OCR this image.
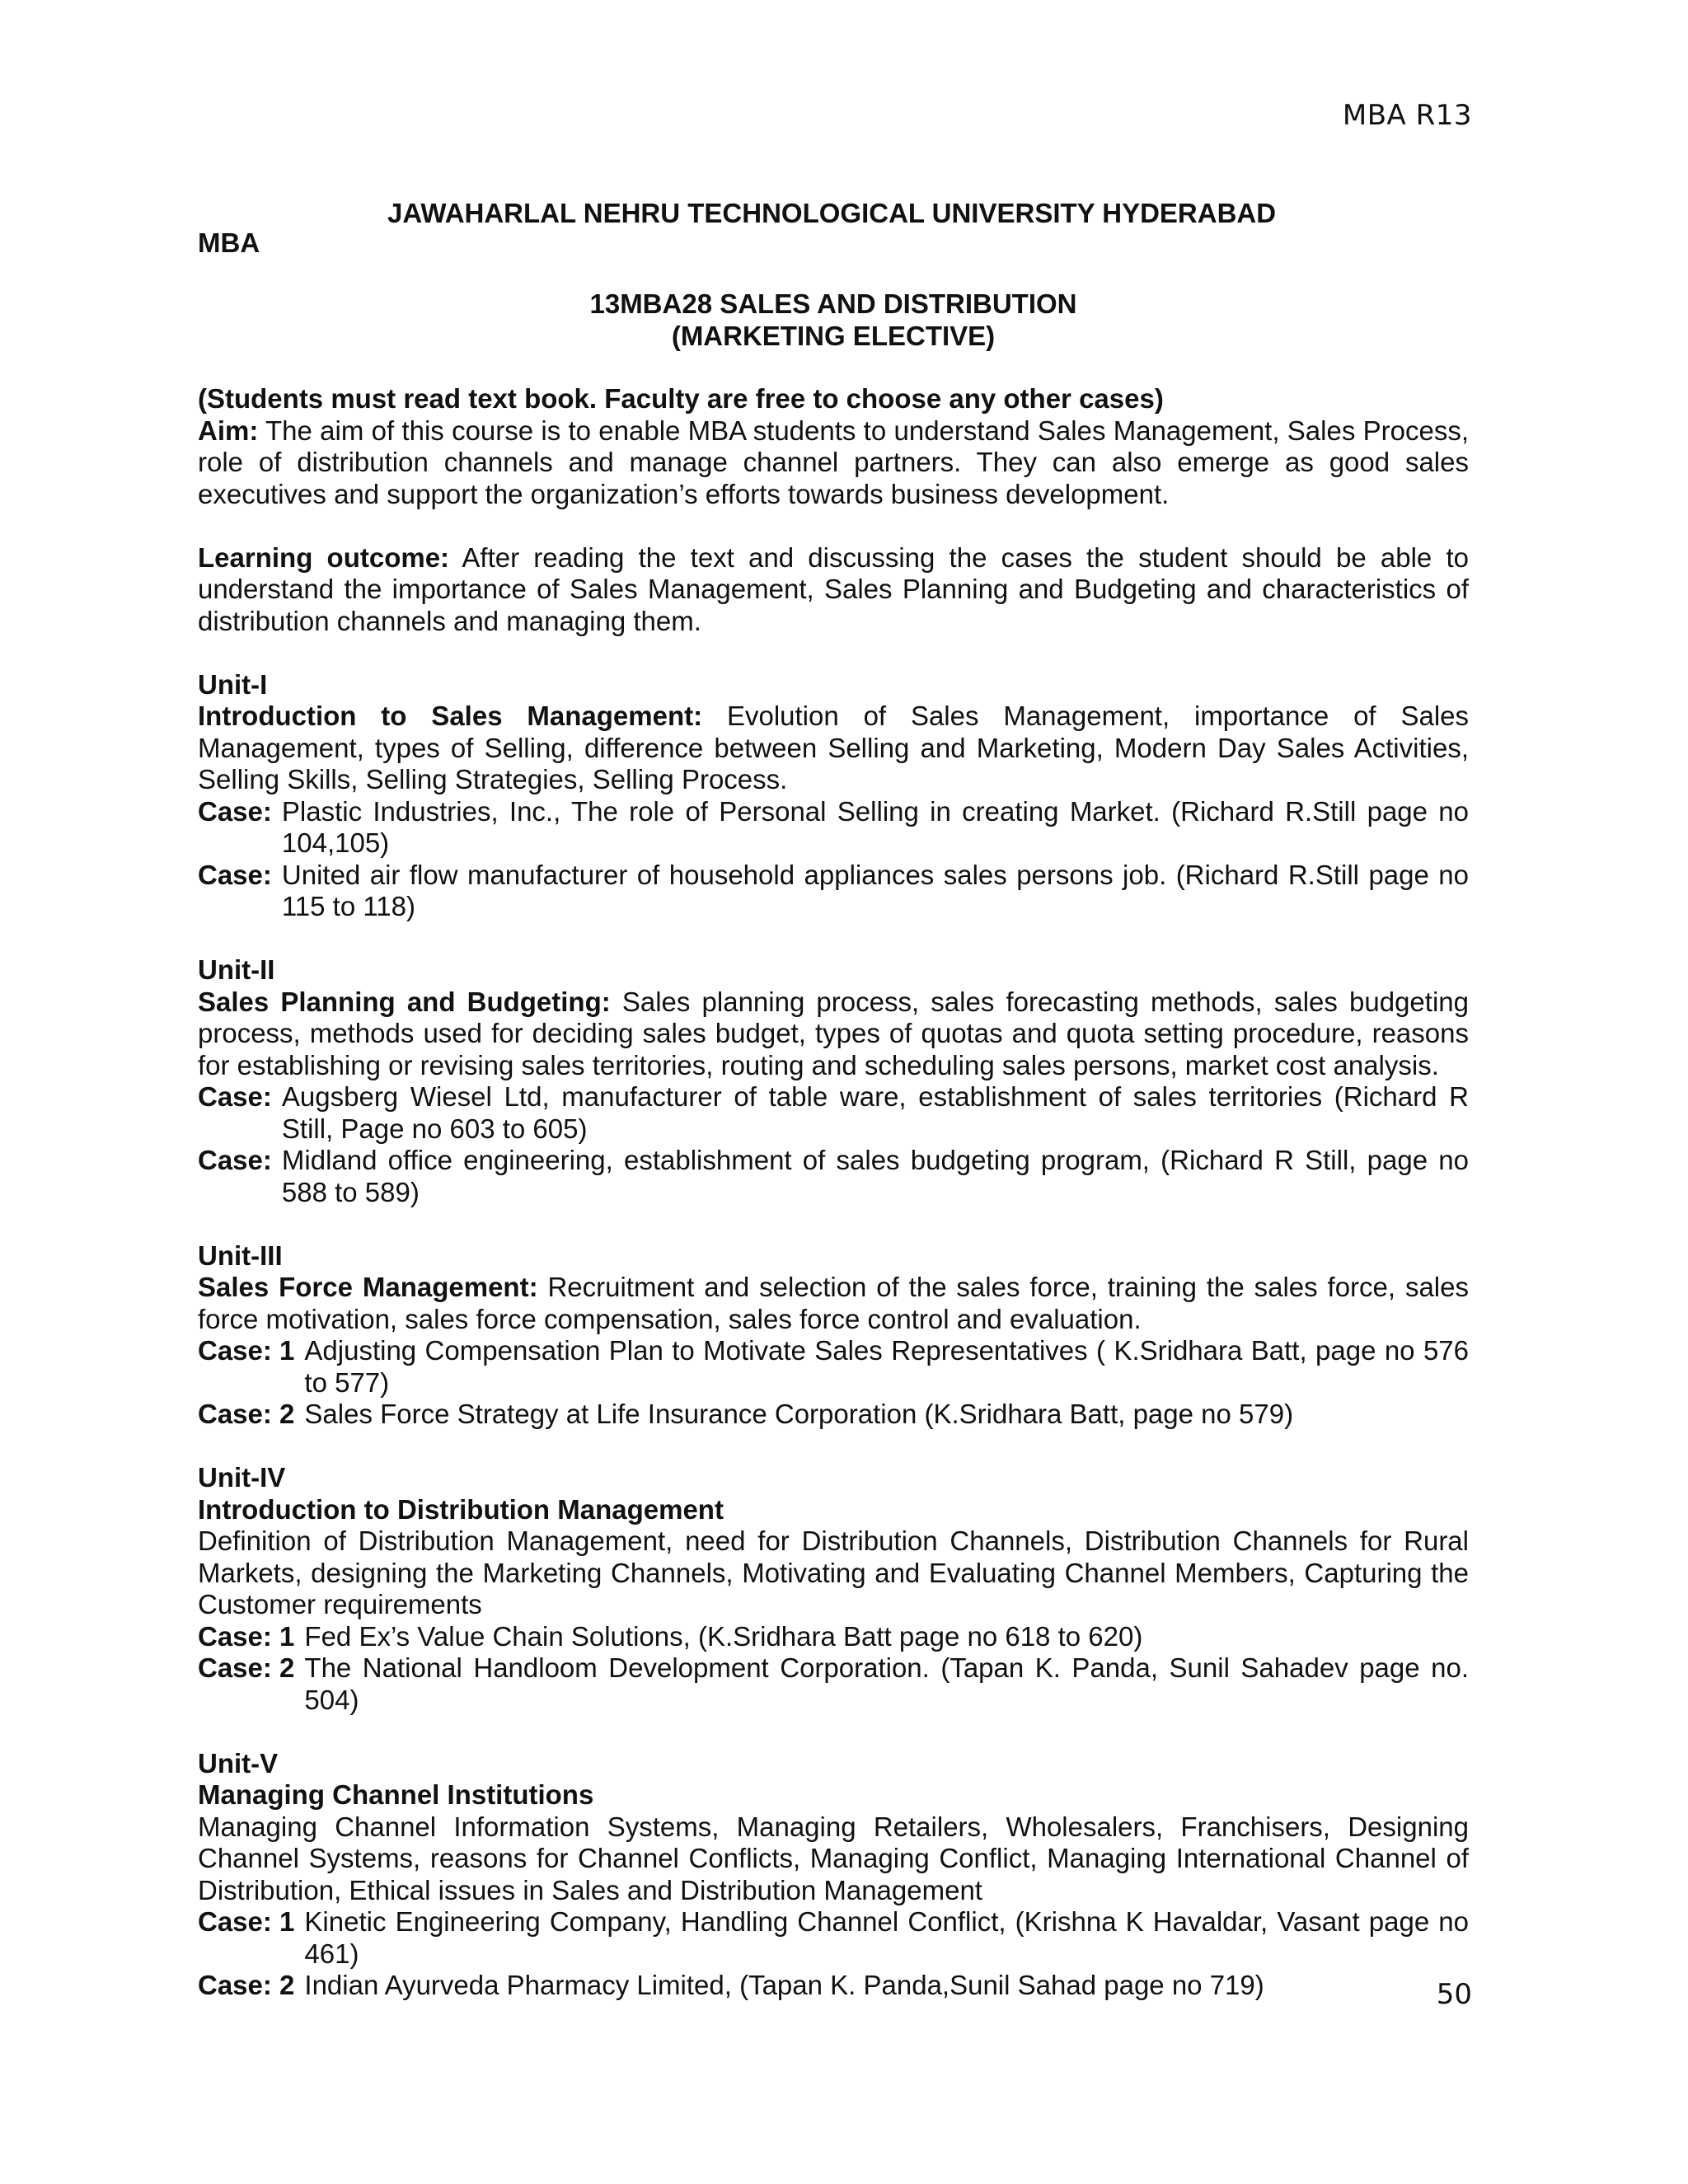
MBA R13
JAWAHARLAL NEHRU TECHNOLOGICAL UNIVERSITY HYDERABAD
MBA
13MBA28 SALES AND DISTRIBUTION
(MARKETING ELECTIVE)

(Students must read text book. Faculty are free to choose any other cases)

Aim: The aim of this course is to enable MBA students to understand Sales Management, Sales Process, role of distribution channels and manage channel partners. They can also emerge as good sales executives and support the organization’s efforts towards business development.

Learning outcome: After reading the text and discussing the cases the student should be able to understand the importance of Sales Management, Sales Planning and Budgeting and characteristics of distribution channels and managing them.

Unit-I

Introduction to Sales Management: Evolution of Sales Management, importance of Sales Management, types of Selling, difference between Selling and Marketing, Modern Day Sales Activities, Selling Skills, Selling Strategies, Selling Process.

Case: Plastic Industries, Inc., The role of Personal Selling in creating Market. (Richard R.Still page no 104,105)
Case: United air flow manufacturer of household appliances sales persons job. (Richard R.Still page no 115 to 118)

Unit-II

Sales Planning and Budgeting: Sales planning process, sales forecasting methods, sales budgeting process, methods used for deciding sales budget, types of quotas and quota setting procedure, reasons for establishing or revising sales territories, routing and scheduling sales persons, market cost analysis.

Case: Augsberg Wiesel Ltd, manufacturer of table ware, establishment of sales territories (Richard R Still, Page no 603 to 605)
Case: Midland office engineering, establishment of sales budgeting program, (Richard R Still, page no 588 to 589)

Unit-III

Sales Force Management: Recruitment and selection of the sales force, training the sales force, sales force motivation, sales force compensation, sales force control and evaluation.

Case: 1 Adjusting Compensation Plan to Motivate Sales Representatives ( K.Sridhara Batt, page no 576 to 577)
Case: 2 Sales Force Strategy at Life Insurance Corporation (K.Sridhara Batt, page no 579)

Unit-IV

Introduction to Distribution Management

Definition of Distribution Management, need for Distribution Channels, Distribution Channels for Rural Markets, designing the Marketing Channels, Motivating and Evaluating Channel Members, Capturing the Customer requirements

Case: 1 Fed Ex’s Value Chain Solutions, (K.Sridhara Batt page no 618 to 620)
Case: 2 The National Handloom Development Corporation. (Tapan K. Panda, Sunil Sahadev page no. 504)

Unit-V

Managing Channel Institutions

Managing Channel Information Systems, Managing Retailers, Wholesalers, Franchisers, Designing Channel Systems, reasons for Channel Conflicts, Managing Conflict, Managing International Channel of Distribution, Ethical issues in Sales and Distribution Management

Case: 1 Kinetic Engineering Company, Handling Channel Conflict, (Krishna K Havaldar, Vasant page no 461)
Case: 2 Indian Ayurveda Pharmacy Limited, (Tapan K. Panda,Sunil Sahad page no 719)	50
